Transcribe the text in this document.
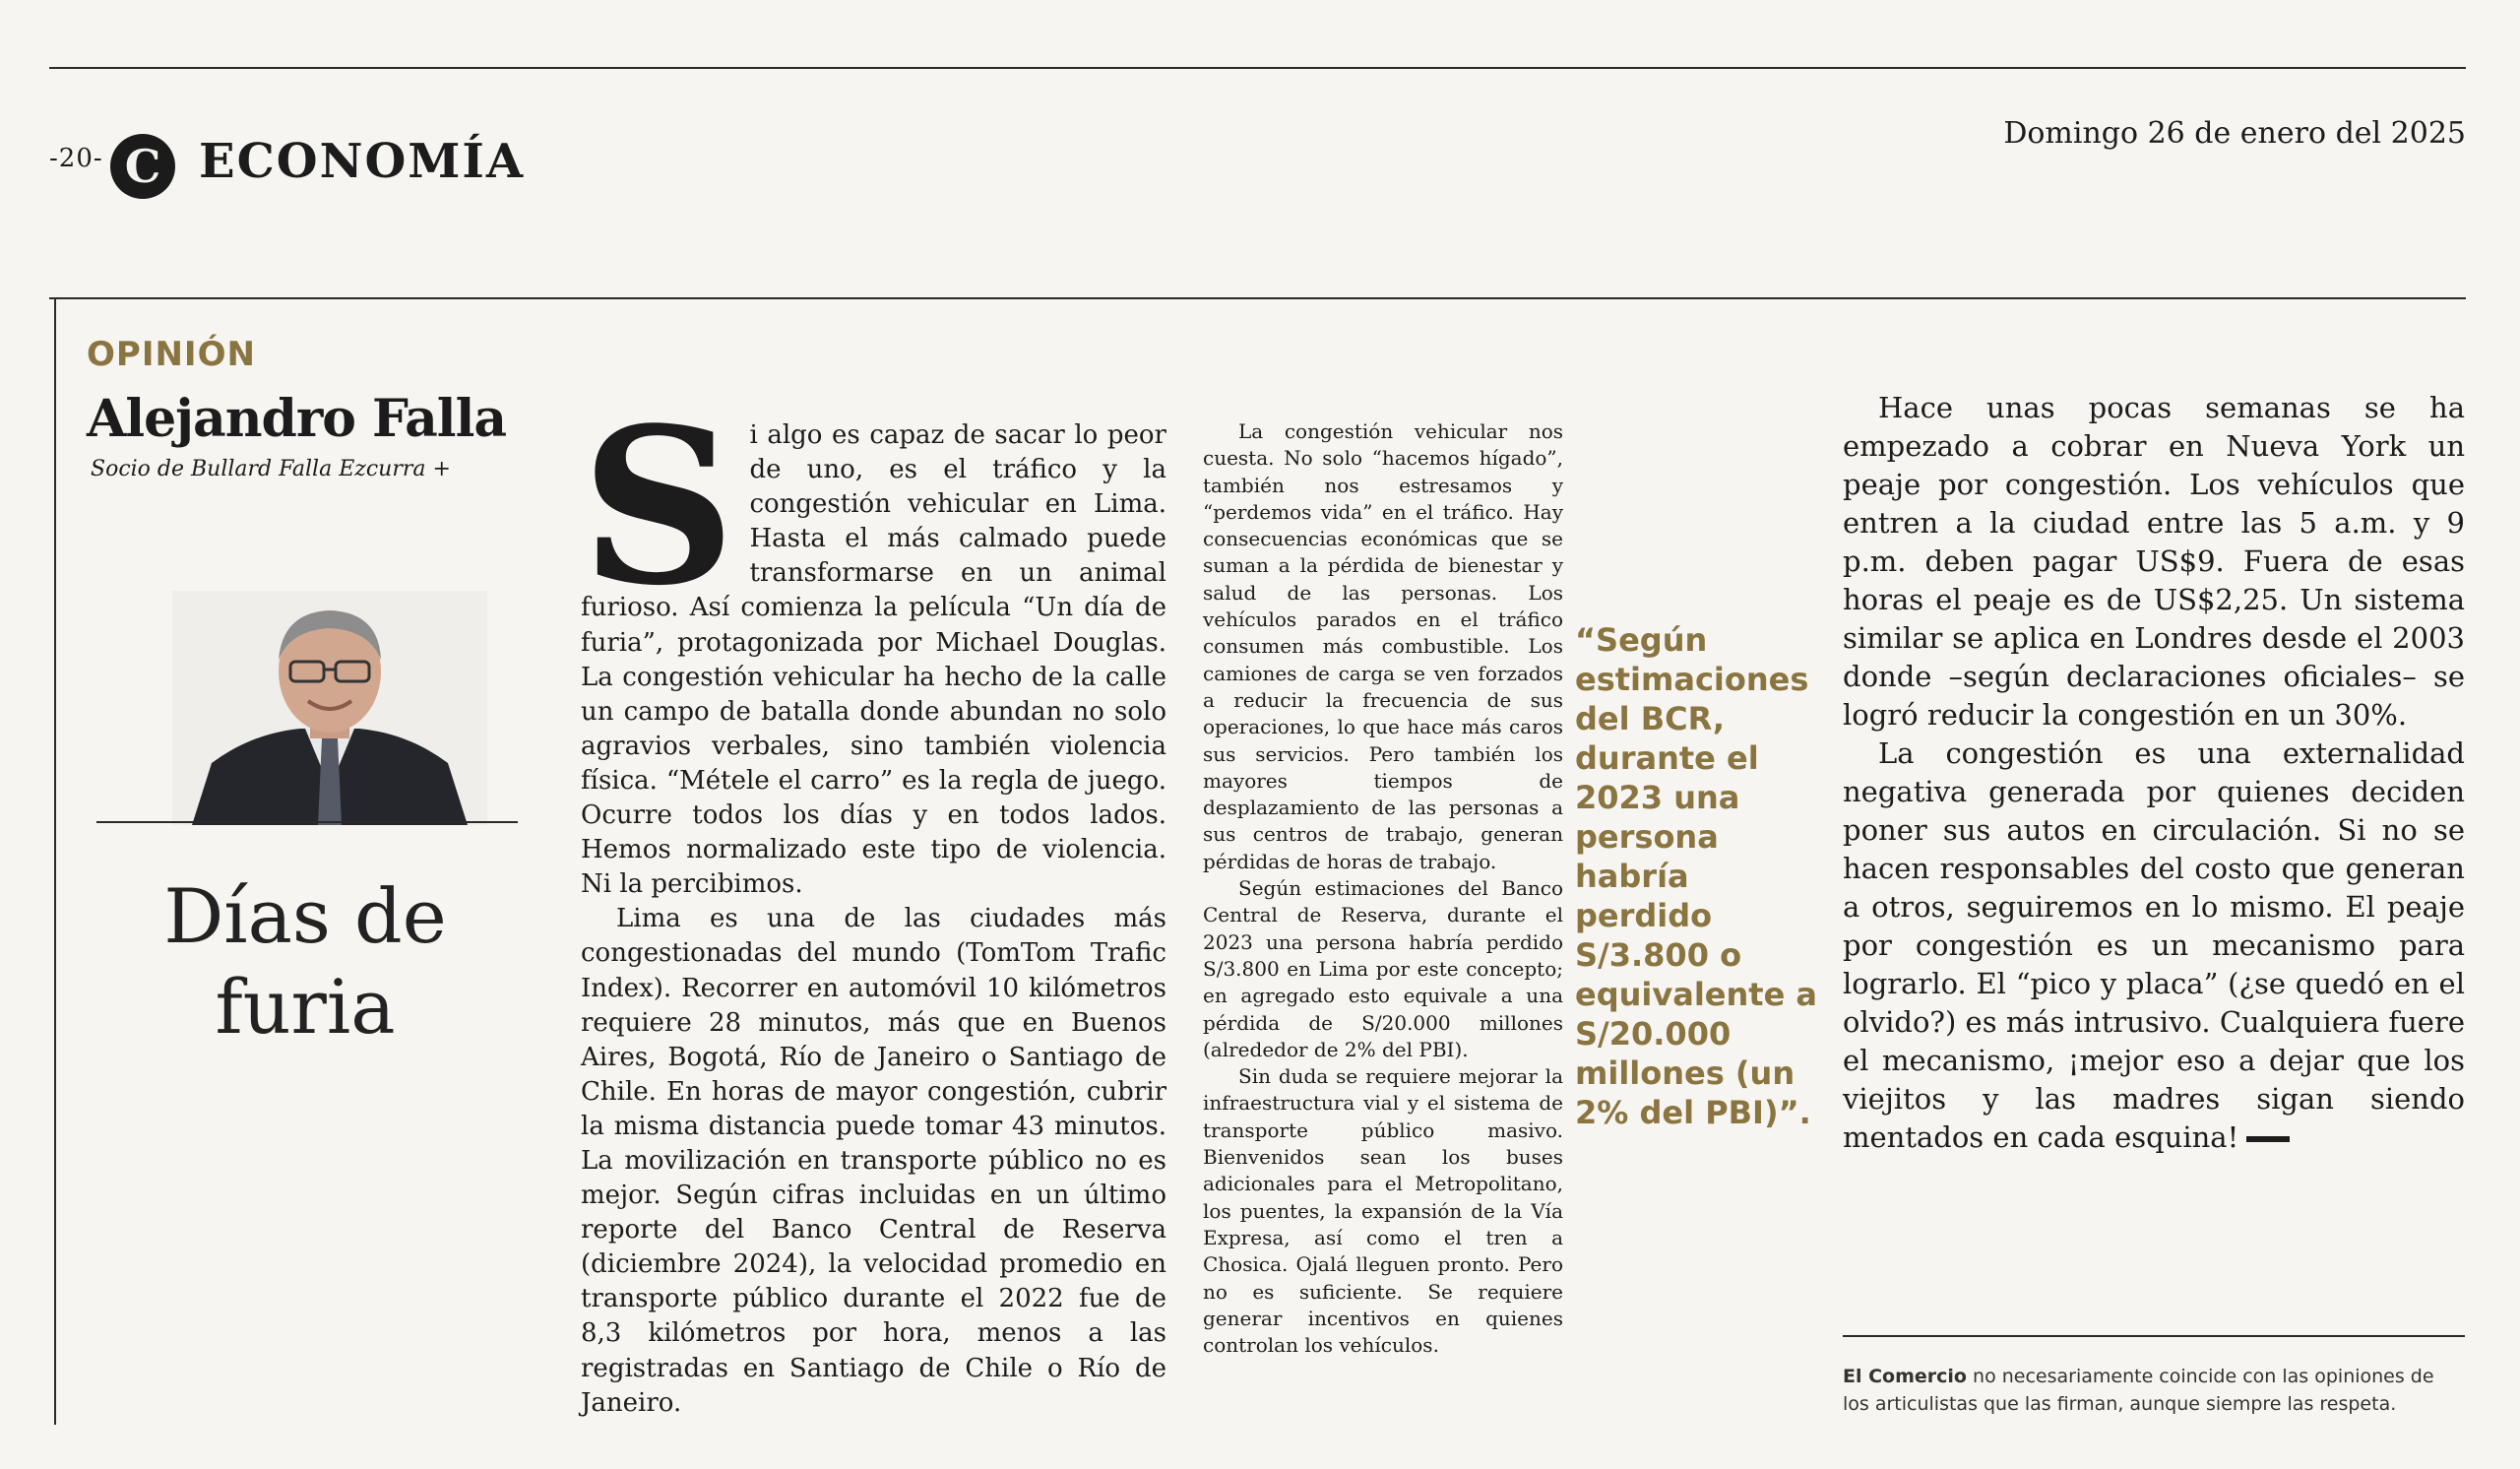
-20- C ECONOMÍA
Domingo 26 de enero del 2025
OPINIÓN
Alejandro Falla
Socio de Bullard Falla Ezcurra +
Días de furia

Si algo es capaz de sacar lo peor de uno, es el tráfico y la congestión vehicular en Lima. Hasta el más calmado puede transformarse en un animal furioso. Así comienza la película “Un día de furia”, protagonizada por Michael Douglas. La congestión vehicular ha hecho de la calle un campo de batalla donde abundan no solo agravios verbales, sino también violencia física. “Métele el carro” es la regla de juego. Ocurre todos los días y en todos lados. Hemos normalizado este tipo de violencia. Ni la percibimos.

Lima es una de las ciudades más congestionadas del mundo (TomTom Trafic Index). Recorrer en automóvil 10 kilómetros requiere 28 minutos, más que en Buenos Aires, Bogotá, Río de Janeiro o Santiago de Chile. En horas de mayor congestión, cubrir la misma distancia puede tomar 43 minutos. La movilización en transporte público no es mejor. Según cifras incluidas en un último reporte del Banco Central de Reserva (diciembre 2024), la velocidad promedio en transporte público durante el 2022 fue de 8,3 kilómetros por hora, menos a las registradas en Santiago de Chile o Río de Janeiro.

La congestión vehicular nos cuesta. No solo “hacemos hígado”, también nos estresamos y “perdemos vida” en el tráfico. Hay consecuencias económicas que se suman a la pérdida de bienestar y salud de las personas. Los vehículos parados en el tráfico consumen más combustible. Los camiones de carga se ven forzados a reducir la frecuencia de sus operaciones, lo que hace más caros sus servicios. Pero también los mayores tiempos de desplazamiento de las personas a sus centros de trabajo, generan pérdidas de horas de trabajo.

Según estimaciones del Banco Central de Reserva, durante el 2023 una persona habría perdido S/3.800 en Lima por este concepto; en agregado esto equivale a una pérdida de S/20.000 millones (alrededor de 2% del PBI).

Sin duda se requiere mejorar la infraestructura vial y el sistema de transporte público masivo. Bienvenidos sean los buses adicionales para el Metropolitano, los puentes, la expansión de la Vía Expresa, así como el tren a Chosica. Ojalá lleguen pronto. Pero no es suficiente. Se requiere generar incentivos en quienes controlan los vehículos.

Hace unas pocas semanas se ha empezado a cobrar en Nueva York un peaje por congestión. Los vehículos que entren a la ciudad entre las 5 a.m. y 9 p.m. deben pagar US$9. Fuera de esas horas el peaje es de US$2,25. Un sistema similar se aplica en Londres desde el 2003 donde –según declaraciones oficiales– se logró reducir la congestión en un 30%.

La congestión es una externalidad negativa generada por quienes deciden poner sus autos en circulación. Si no se hacen responsables del costo que generan a otros, seguiremos en lo mismo. El peaje por congestión es un mecanismo para lograrlo. El “pico y placa” (¿se quedó en el olvido?) es más intrusivo. Cualquiera fuere el mecanismo, ¡mejor eso a dejar que los viejitos y las madres sigan siendo mentados en cada esquina!

“Según estimaciones del BCR, durante el 2023 una persona habría perdido S/3.800 o equivalente a S/20.000 millones (un 2% del PBI)”.
El Comercio no necesariamente coincide con las opiniones de los articulistas que las firman, aunque siempre las respeta.
